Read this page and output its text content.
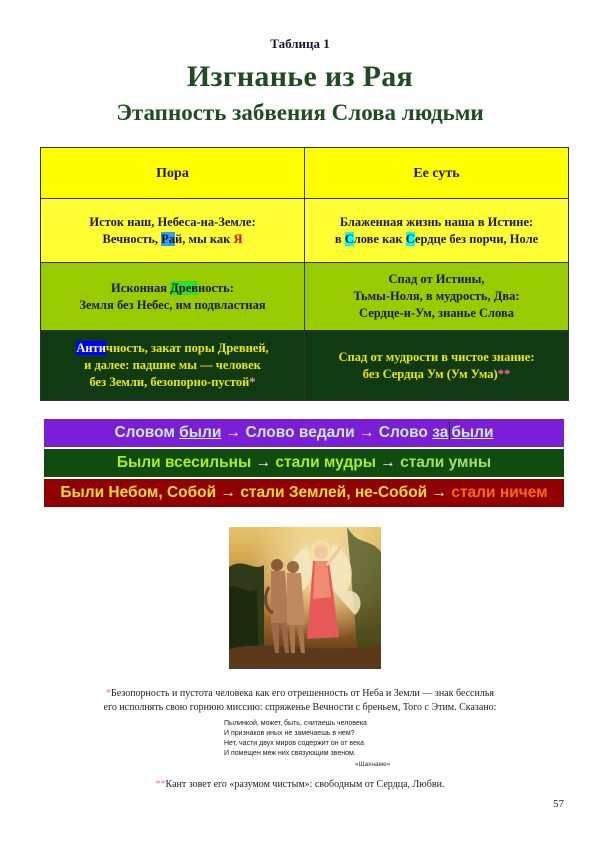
Таблица 1
Изгнанье из Рая
Этапность забвения Слова людьми
Пора	Ее суть
Исток наш, Небеса-на-Земле:
Вечность, Рай, мы как Я	Блаженная жизнь наша в Истине:
в Слове как Сердце без порчи, Ноле
Исконная Древность:
Земля без Небес, им подвластная	Спад от Истины,
Тьмы-Ноля, в мудрость, Два:
Сердце-и-Ум, знанье Слова
Античность, закат поры Древней,
и далее: падшие мы — человек
без Земли, безопорно-пустой*	Спад от мудрости в чистое знание:
без Сердца Ум (Ум Ума)**
Словом были → Слово ведали → Слово за были
Были всесильны → стали мудры → стали умны
Были Небом, Собой → стали Землей, не-Собой → стали ничем
*Безопорность и пустота человека как его отрешенность от Неба и Земли — знак бессилья
его исполнять свою горнюю миссию: спряженье Вечности с бреньем, Того с Этим. Сказано:
Пылинкой, может, быть, считаешь человека
И признаков иных не замечаешь в нем?
Нет, части двух миров содержит он от века
И помещен меж них связующим звеном.
«Шахнаме»
**Кант зовет его «разумом чистым»: свободным от Сердца, Любви.
57
